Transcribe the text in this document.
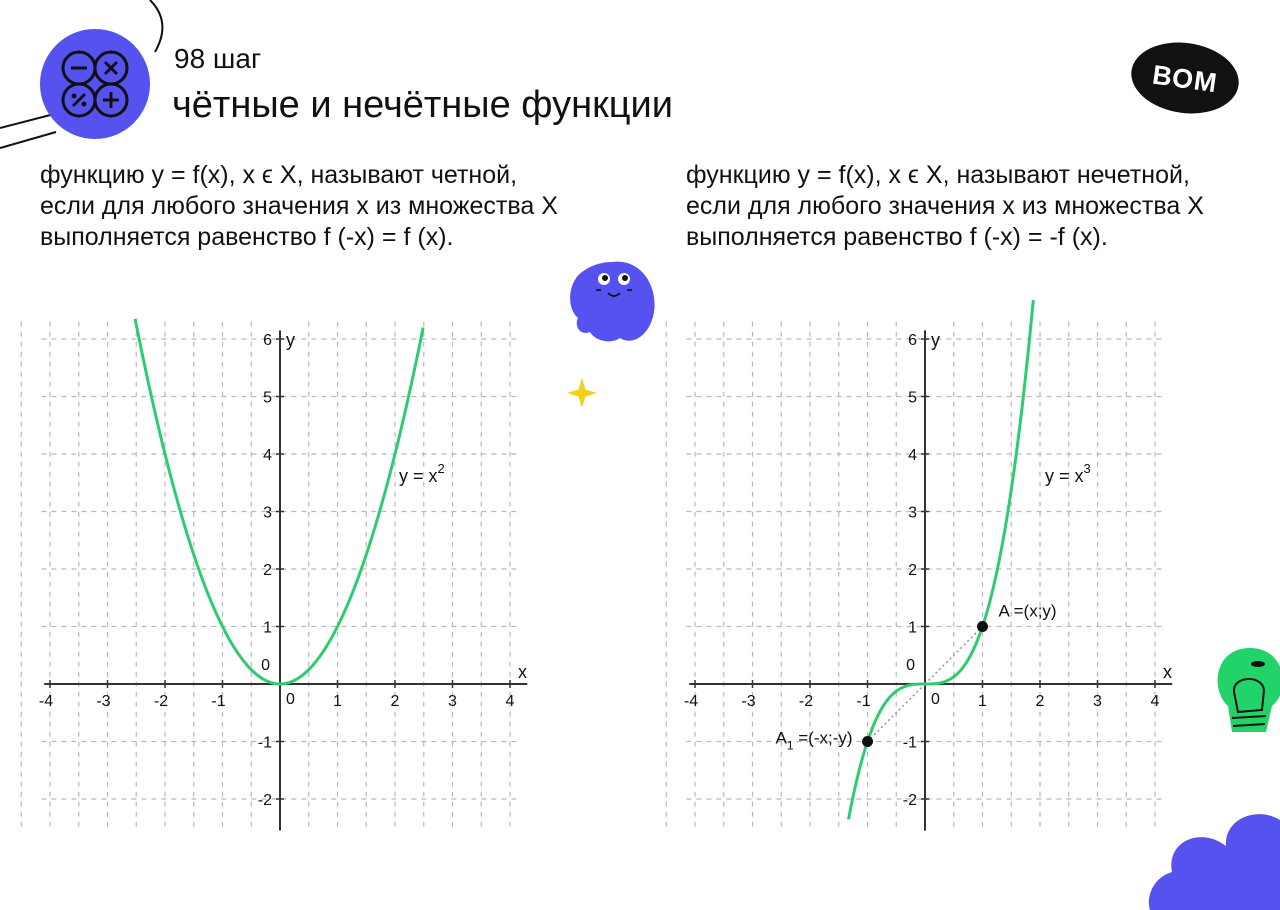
98 шаг
чётные и нечётные функции
ВОМ
функцию y = f(x), x ϵ X, называют четной,
если для любого значения x из множества X
выполняется равенство f (-x) = f (x).
функцию y = f(x), x ϵ X, называют нечетной,
если для любого значения x из множества X
выполняется равенство f (-x) = -f (x).
-4	-3	-2	-1	1	2	3	4
-2
-1
1
2
3
4
5
6
0
0
x
y
$y = x^2$
-4	-3	-2	-1	1	2	3	4
-2
-1
1
2
3
4
5
6
0
0
x
y
$y = x^3$
A =(x;y)
$A_1$ =(-x;-y)
